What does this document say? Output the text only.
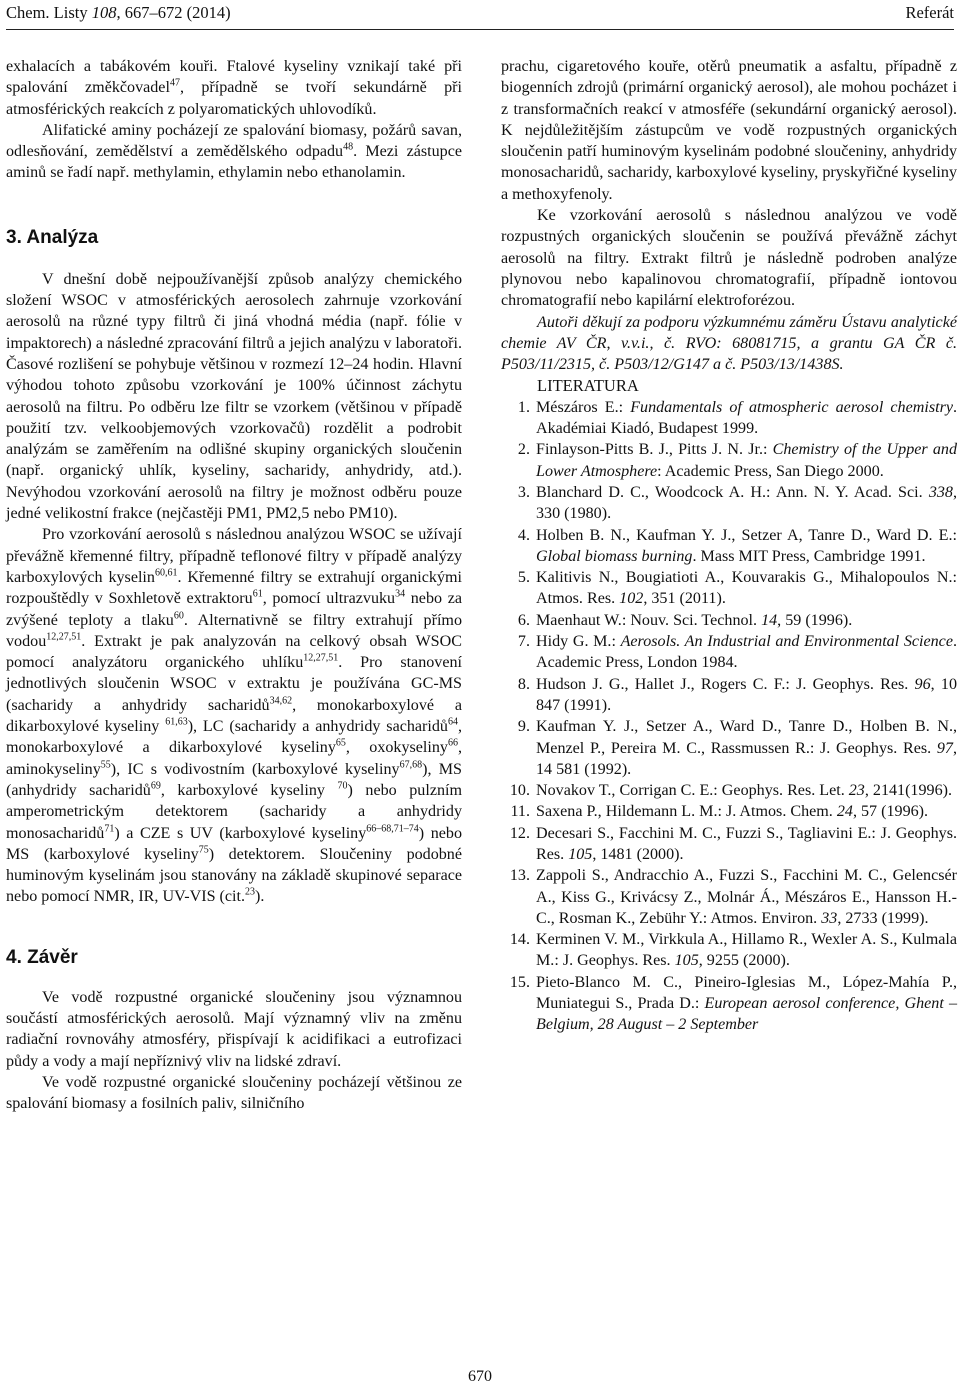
Chem. Listy 108, 667–672 (2014)	Referát

exhalacích a tabákovém kouři. Ftalové kyseliny vznikají také při spalování změkčovadel$^{47}$, případně se tvoří sekundárně při atmosférických reakcích z polyaromatických uhlovodíků.

Alifatické aminy pocházejí ze spalování biomasy, požárů savan, odlesňování, zemědělství a zemědělského odpadu$^{48}$. Mezi zástupce aminů se řadí např. methylamin, ethylamin nebo ethanolamin.

3. Analýza

V dnešní době nejpoužívanější způsob analýzy chemického složení WSOC v atmosférických aerosolech zahrnuje vzorkování aerosolů na různé typy filtrů či jiná vhodná média (např. fólie v impaktorech) a následné zpracování filtrů a jejich analýzu v laboratoři. Časové rozlišení se pohybuje většinou v rozmezí 12–24 hodin. Hlavní výhodou tohoto způsobu vzorkování je 100% účinnost záchytu aerosolů na filtru. Po odběru lze filtr se vzorkem (většinou v případě použití tzv. velkoobjemových vzorkovačů) rozdělit a podrobit analýzám se zaměřením na odlišné skupiny organických sloučenin (např. organický uhlík, kyseliny, sacharidy, anhydridy, atd.). Nevýhodou vzorkování aerosolů na filtry je možnost odběru pouze jedné velikostní frakce (nejčastěji PM1, PM2,5 nebo PM10).

Pro vzorkování aerosolů s následnou analýzou WSOC se užívají převážně křemenné filtry, případně teflonové filtry v případě analýzy karboxylových kyselin$^{60,61}$. Křemenné filtry se extrahují organickými rozpouštědly v Soxhletově extraktoru$^{61}$, pomocí ultrazvuku$^{34}$ nebo za zvýšené teploty a tlaku$^{60}$. Alternativně se filtry extrahují přímo vodou$^{12,27,51}$. Extrakt je pak analyzován na celkový obsah WSOC pomocí analyzátoru organického uhlíku$^{12,27,51}$. Pro stanovení jednotlivých sloučenin WSOC v extraktu je používána GC-MS (sacharidy a anhydridy sacharidů$^{34,62}$, monokarboxylové a dikarboxylové kyseliny $^{61,63}$), LC (sacharidy a anhydridy sacharidů$^{64}$, monokarboxylové a dikarboxylové kyseliny$^{65}$, oxokyseliny$^{66}$, aminokyseliny$^{55}$), IC s vodivostním (karboxylové kyseliny$^{67,68}$), MS (anhydridy sacharidů$^{69}$, karboxylové kyseliny $^{70}$) nebo pulzním amperometrickým detektorem (sacharidy a anhydridy monosacharidů$^{71}$) a CZE s UV (karboxylové kyseliny$^{66-68,71-74}$) nebo MS (karboxylové kyseliny$^{75}$) detektorem. Sloučeniny podobné huminovým kyselinám jsou stanovány na základě skupinové separace nebo pomocí NMR, IR, UV-VIS (cit.$^{23}$).

4. Závěr

Ve vodě rozpustné organické sloučeniny jsou významnou součástí atmosférických aerosolů. Mají významný vliv na změnu radiační rovnováhy atmosféry, přispívají k acidifikaci a eutrofizaci půdy a vody a mají nepříznivý vliv na lidské zdraví.

Ve vodě rozpustné organické sloučeniny pocházejí většinou ze spalování biomasy a fosilních paliv, silničního

prachu, cigaretového kouře, otěrů pneumatik a asfaltu, případně z biogenních zdrojů (primární organický aerosol), ale mohou pocházet i z transformačních reakcí v atmosféře (sekundární organický aerosol). K nejdůležitějším zástupcům ve vodě rozpustných organických sloučenin patří huminovým kyselinám podobné sloučeniny, anhydridy monosacharidů, sacharidy, karboxylové kyseliny, pryskyřičné kyseliny a methoxyfenoly.

Ke vzorkování aerosolů s následnou analýzou ve vodě rozpustných organických sloučenin se používá převážně záchyt aerosolů na filtry. Extrakt filtrů je následně podroben analýze plynovou nebo kapalinovou chromatografií, případně iontovou chromatografií nebo kapilární elektroforézou.

Autoři děkují za podporu výzkumnému záměru Ústavu analytické chemie AV ČR, v.v.i., č. RVO: 68081715, a grantu GA ČR č. P503/11/2315, č. P503/12/G147 a č. P503/13/1438S.

LITERATURA

1. Mészáros E.: Fundamentals of atmospheric aerosol chemistry. Akadémiai Kiadó, Budapest 1999.
2. Finlayson-Pitts B. J., Pitts J. N. Jr.: Chemistry of the Upper and Lower Atmosphere: Academic Press, San Diego 2000.
3. Blanchard D. C., Woodcock A. H.: Ann. N. Y. Acad. Sci. 338, 330 (1980).
4. Holben B. N., Kaufman Y. J., Setzer A, Tanre D., Ward D. E.: Global biomass burning. Mass MIT Press, Cambridge 1991.
5. Kalitivis N., Bougiatioti A., Kouvarakis G., Mihalopoulos N.: Atmos. Res. 102, 351 (2011).
6. Maenhaut W.: Nouv. Sci. Technol. 14, 59 (1996).
7. Hidy G. M.: Aerosols. An Industrial and Environmental Science. Academic Press, London 1984.
8. Hudson J. G., Hallet J., Rogers C. F.: J. Geophys. Res. 96, 10 847 (1991).
9. Kaufman Y. J., Setzer A., Ward D., Tanre D., Holben B. N., Menzel P., Pereira M. C., Rassmussen R.: J. Geophys. Res. 97, 14 581 (1992).
10. Novakov T., Corrigan C. E.: Geophys. Res. Let. 23, 2141(1996).
11. Saxena P., Hildemann L. M.: J. Atmos. Chem. 24, 57 (1996).
12. Decesari S., Facchini M. C., Fuzzi S., Tagliavini E.: J. Geophys. Res. 105, 1481 (2000).
13. Zappoli S., Andracchio A., Fuzzi S., Facchini M. C., Gelencsér A., Kiss G., Krivácsy Z., Molnár Á., Mészáros E., Hansson H.-C., Rosman K., Zebühr Y.: Atmos. Environ. 33, 2733 (1999).
14. Kerminen V. M., Virkkula A., Hillamo R., Wexler A. S., Kulmala M.: J. Geophys. Res. 105, 9255 (2000).
15. Pieto-Blanco M. C., Pineiro-Iglesias M., López-Mahía P., Muniategui S., Prada D.: European aerosol conference, Ghent – Belgium, 28 August – 2 September
670
